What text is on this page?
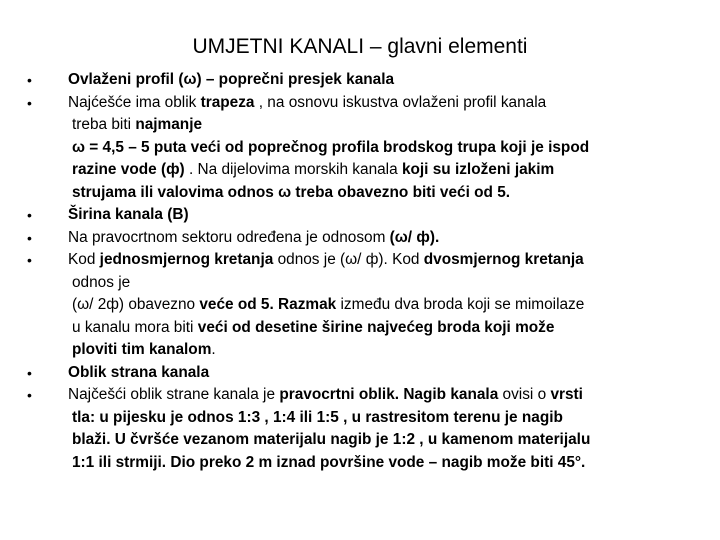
UMJETNI KANALI – glavni elementi
• Ovlaženi profil (ω) – poprečni presjek kanala
• Najćešće ima oblik trapeza , na osnovu iskustva ovlaženi profil kanala
treba biti najmanje
ω = 4,5 – 5 puta veći od poprečnog profila brodskog trupa koji je ispod
razine vode (ф) . Na dijelovima morskih kanala koji su izloženi jakim
strujama ili valovima odnos ω treba obavezno biti veći od 5.
• Širina kanala (B)
• Na pravocrtnom sektoru određena je odnosom (ω/ ф).
• Kod jednosmjernog kretanja odnos je (ω/ ф). Kod dvosmjernog kretanja
odnos je
(ω/ 2ф) obavezno veće od 5. Razmak između dva broda koji se mimoilaze
u kanalu mora biti veći od desetine širine najvećeg broda koji može
ploviti tim kanalom.
• Oblik strana kanala
• Najčešći oblik strane kanala je pravocrtni oblik. Nagib kanala ovisi o vrsti
tla: u pijesku je odnos 1:3 , 1:4 ili 1:5 , u rastresitom terenu je nagib
blaži. U čvršće vezanom materijalu nagib je 1:2 , u kamenom materijalu
1:1 ili strmiji. Dio preko 2 m iznad površine vode – nagib može biti 45°.
